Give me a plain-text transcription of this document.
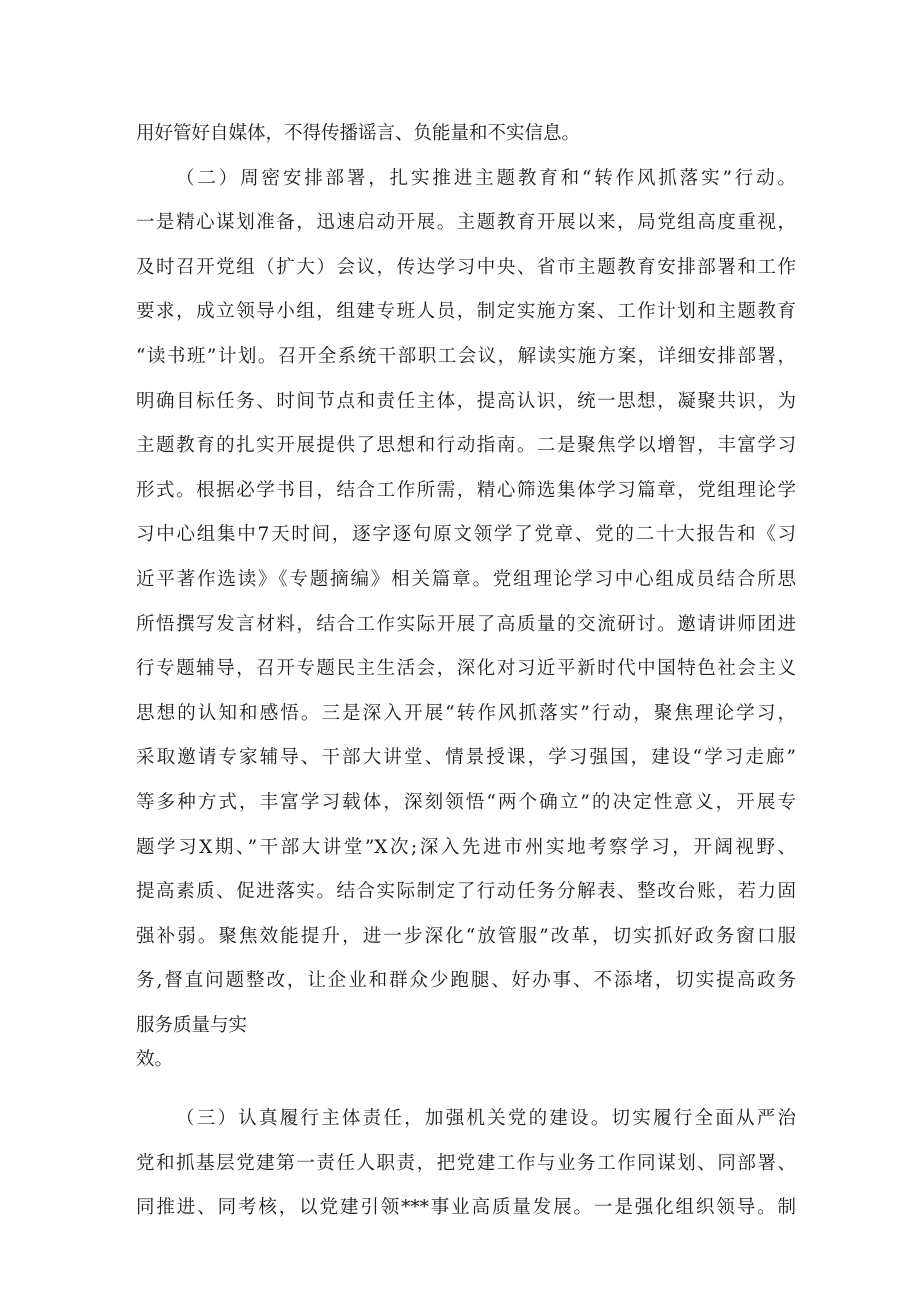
用好管好自媒体，不得传播谣言、负能量和不实信息。
（二）周密安排部署，扎实推进主题教育和“转作风抓落实”行动。
一是精心谋划准备，迅速启动开展。主题教育开展以来，局党组高度重视，
及时召开党组（扩大）会议，传达学习中央、省市主题教育安排部署和工作
要求，成立领导小组，组建专班人员，制定实施方案、工作计划和主题教育
“读书班”计划。召开全系统干部职工会议，解读实施方案，详细安排部署，
明确目标任务、时间节点和责任主体，提高认识，统一思想，凝聚共识，为
主题教育的扎实开展提供了思想和行动指南。二是聚焦学以增智，丰富学习
形式。根据必学书目，结合工作所需，精心筛选集体学习篇章，党组理论学
习中心组集中7天时间，逐字逐句原文领学了党章、党的二十大报告和《习
近平著作选读》《专题摘编》相关篇章。党组理论学习中心组成员结合所思
所悟撰写发言材料，结合工作实际开展了高质量的交流研讨。邀请讲师团进
行专题辅导，召开专题民主生活会，深化对习近平新时代中国特色社会主义
思想的认知和感悟。三是深入开展“转作风抓落实”行动，聚焦理论学习，
采取邀请专家辅导、干部大讲堂、情景授课，学习强国，建设“学习走廊”
等多种方式，丰富学习载体，深刻领悟“两个确立”的决定性意义，开展专
题学习X期、”干部大讲堂”X次;深入先进市州实地考察学习，开阔视野、
提高素质、促进落实。结合实际制定了行动任务分解表、整改台账，若力固
强补弱。聚焦效能提升，进一步深化“放管服”改革，切实抓好政务窗口服
务,督直问题整改，让企业和群众少跑腿、好办事、不添堵，切实提高政务
服务质量与实
效。
（三）认真履行主体责任，加强机关党的建设。切实履行全面从严治
党和抓基层党建第一责任人职责，把党建工作与业务工作同谋划、同部署、
同推进、同考核，以党建引领***事业高质量发展。一是强化组织领导。制
